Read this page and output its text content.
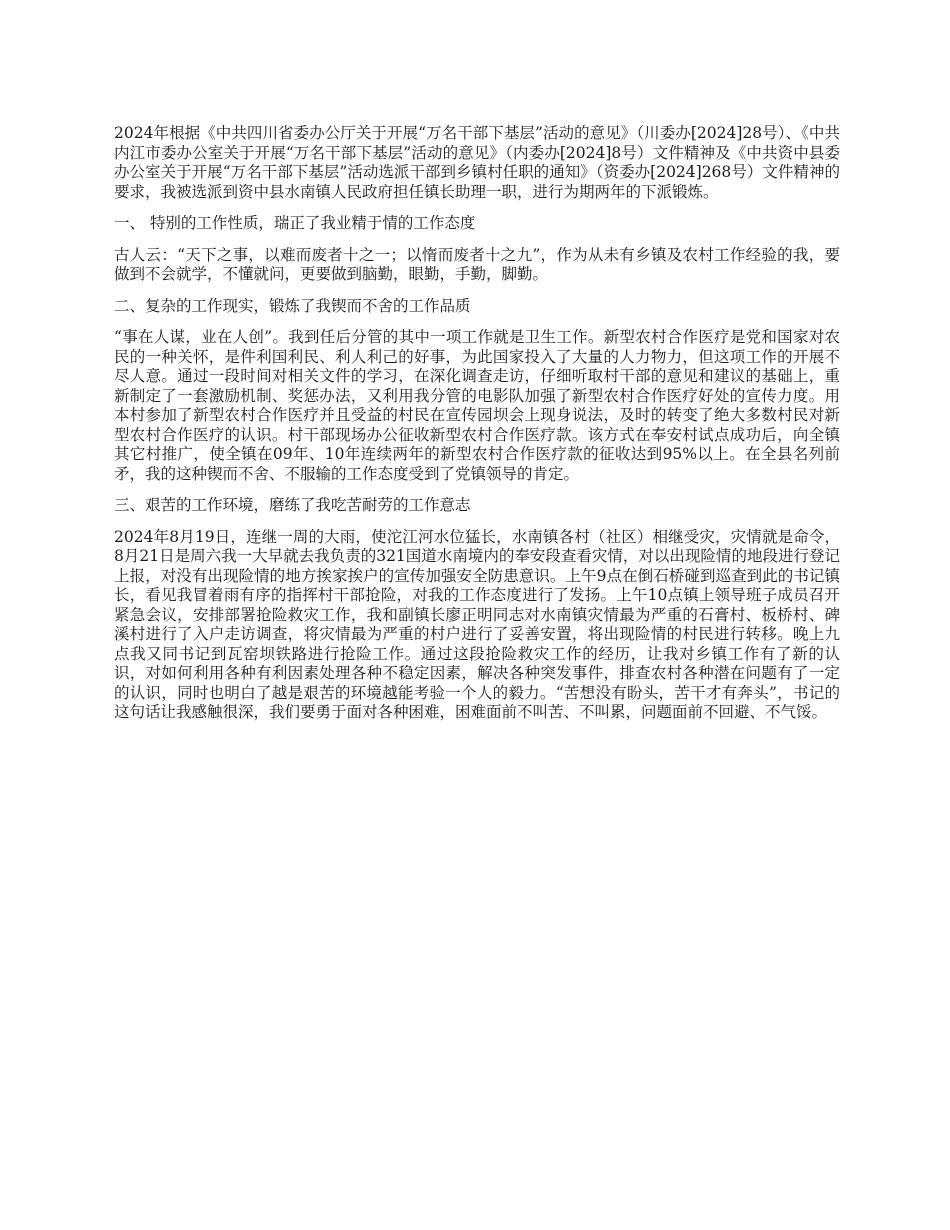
2024年根据《中共四川省委办公厅关于开展“万名干部下基层”活动的意见》（川委办[2024]28号）、《中共内江市委办公室关于开展“万名干部下基层”活动的意见》（内委办[2024]8号）文件精神及《中共资中县委办公室关于开展“万名干部下基层”活动选派干部到乡镇村任职的通知》（资委办[2024]268号）文件精神的要求，我被选派到资中县水南镇人民政府担任镇长助理一职，进行为期两年的下派锻炼。

一、 特别的工作性质，瑞正了我业精于情的工作态度

古人云：“天下之事，以难而废者十之一；以惰而废者十之九”，作为从未有乡镇及农村工作经验的我，要做到不会就学，不懂就问，更要做到脑勤，眼勤，手勤，脚勤。

二、复杂的工作现实，锻炼了我锲而不舍的工作品质

“事在人谋，业在人创”。我到任后分管的其中一项工作就是卫生工作。新型农村合作医疗是党和国家对农民的一种关怀，是件利国利民、利人利己的好事，为此国家投入了大量的人力物力，但这项工作的开展不尽人意。通过一段时间对相关文件的学习，在深化调查走访，仔细听取村干部的意见和建议的基础上，重新制定了一套激励机制、奖惩办法，又利用我分管的电影队加强了新型农村合作医疗好处的宣传力度。用本村参加了新型农村合作医疗并且受益的村民在宣传园坝会上现身说法，及时的转变了绝大多数村民对新型农村合作医疗的认识。村干部现场办公征收新型农村合作医疗款。该方式在奉安村试点成功后，向全镇其它村推广，使全镇在09年、10年连续两年的新型农村合作医疗款的征收达到95%以上。在全县名列前矛，我的这种锲而不舍、不服输的工作态度受到了党镇领导的肯定。

三、艰苦的工作环境，磨练了我吃苦耐劳的工作意志

2024年8月19日，连继一周的大雨，使沱江河水位猛长，水南镇各村（社区）相继受灾，灾情就是命令，8月21日是周六我一大早就去我负责的321国道水南境内的奉安段查看灾情，对以出现险情的地段进行登记上报，对没有出现险情的地方挨家挨户的宣传加强安全防患意识。上午9点在倒石桥碰到巡查到此的书记镇长，看见我冒着雨有序的指挥村干部抢险，对我的工作态度进行了发扬。上午10点镇上领导班子成员召开紧急会议，安排部署抢险救灾工作，我和副镇长廖正明同志对水南镇灾情最为严重的石膏村、板桥村、碑溪村进行了入户走访调查，将灾情最为严重的村户进行了妥善安置，将出现险情的村民进行转移。晚上九点我又同书记到瓦窑坝铁路进行抢险工作。通过这段抢险救灾工作的经历，让我对乡镇工作有了新的认识，对如何利用各种有利因素处理各种不稳定因素，解决各种突发事件，排查农村各种潜在问题有了一定的认识，同时也明白了越是艰苦的环境越能考验一个人的毅力。“苦想没有盼头，苦干才有奔头”，书记的这句话让我感触很深，我们要勇于面对各种困难，困难面前不叫苦、不叫累，问题面前不回避、不气馁。
